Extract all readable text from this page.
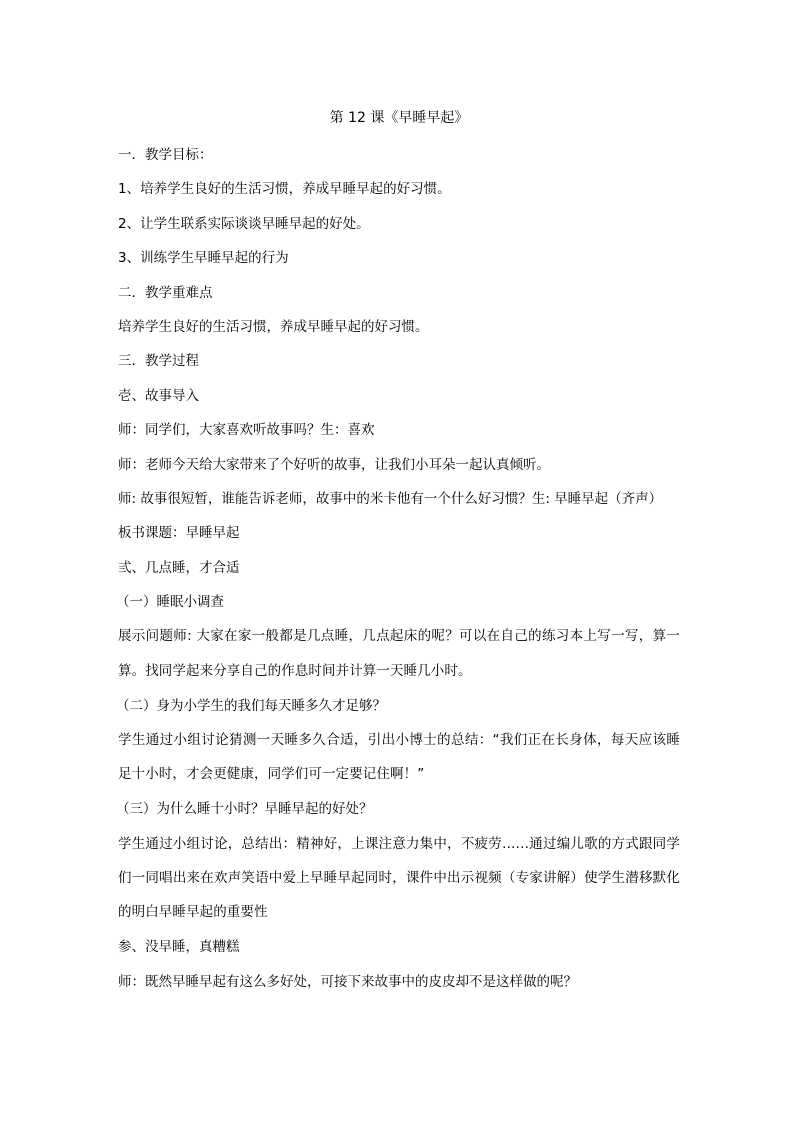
第 12 课《早睡早起》
一．教学目标：
1、培养学生良好的生活习惯，养成早睡早起的好习惯。
2、让学生联系实际谈谈早睡早起的好处。
3、训练学生早睡早起的行为
二．教学重难点
培养学生良好的生活习惯，养成早睡早起的好习惯。
三．教学过程
壱、故事导入
师：同学们，大家喜欢听故事吗？生：喜欢
师：老师今天给大家带来了个好听的故事，让我们小耳朵一起认真倾听。
师: 故事很短暂，谁能告诉老师，故事中的米卡他有一个什么好习惯？生: 早睡早起（齐声）
板书课题：早睡早起
弎、几点睡，才合适
（一）睡眠小调查
展示问题师: 大家在家一般都是几点睡，几点起床的呢？可以在自己的练习本上写一写，算一算。找同学起来分享自己的作息时间并计算一天睡几小时。
（二）身为小学生的我们每天睡多久才足够？
学生通过小组讨论猜测一天睡多久合适，引出小博士的总结：“我们正在长身体，每天应该睡足十小时，才会更健康，同学们可一定要记住啊！”
（三）为什么睡十小时？早睡早起的好处？
学生通过小组讨论，总结出：精神好，上课注意力集中，不疲劳……通过编儿歌的方式跟同学们一同唱出来在欢声笑语中爱上早睡早起同时，课件中出示视频（专家讲解）使学生潜移默化的明白早睡早起的重要性
参、没早睡，真糟糕
师：既然早睡早起有这么多好处，可接下来故事中的皮皮却不是这样做的呢？
